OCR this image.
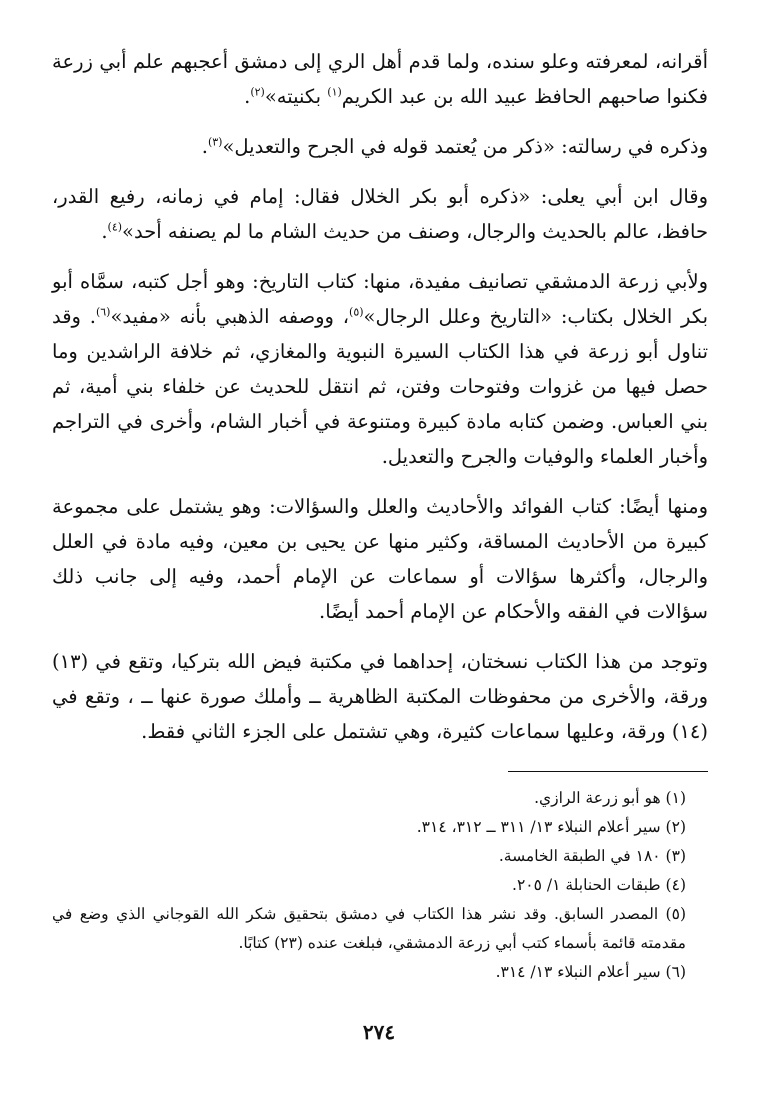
أقرانه، لمعرفته وعلو سنده، ولما قدم أهل الري إلى دمشق أعجبهم علم أبي زرعة فكنوا صاحبهم الحافظ عبيد الله بن عبد الكريم$^{(١)}$ بكنيته»$^{(٢)}$.

وذكره في رسالته: «ذكر من يُعتمد قوله في الجرح والتعديل»$^{(٣)}$.

وقال ابن أبي يعلى: «ذكره أبو بكر الخلال فقال: إمام في زمانه، رفيع القدر، حافظ، عالم بالحديث والرجال، وصنف من حديث الشام ما لم يصنفه أحد»$^{(٤)}$.

ولأبي زرعة الدمشقي تصانيف مفيدة، منها: كتاب التاريخ: وهو أجل كتبه، سمَّاه أبو بكر الخلال بكتاب: «التاريخ وعلل الرجال»$^{(٥)}$، ووصفه الذهبي بأنه «مفيد»$^{(٦)}$. وقد تناول أبو زرعة في هذا الكتاب السيرة النبوية والمغازي، ثم خلافة الراشدين وما حصل فيها من غزوات وفتوحات وفتن، ثم انتقل للحديث عن خلفاء بني أمية، ثم بني العباس. وضمن كتابه مادة كبيرة ومتنوعة في أخبار الشام، وأخرى في التراجم وأخبار العلماء والوفيات والجرح والتعديل.

ومنها أيضًا: كتاب الفوائد والأحاديث والعلل والسؤالات: وهو يشتمل على مجموعة كبيرة من الأحاديث المساقة، وكثير منها عن يحيى بن معين، وفيه مادة في العلل والرجال، وأكثرها سؤالات أو سماعات عن الإمام أحمد، وفيه إلى جانب ذلك سؤالات في الفقه والأحكام عن الإمام أحمد أيضًا.

وتوجد من هذا الكتاب نسختان، إحداهما في مكتبة فيض الله بتركيا، وتقع في (١٣) ورقة، والأخرى من محفوظات المكتبة الظاهرية ــ وأملك صورة عنها ــ ، وتقع في (١٤) ورقة، وعليها سماعات كثيرة، وهي تشتمل على الجزء الثاني فقط.

(١) هو أبو زرعة الرازي.

(٢) سير أعلام النبلاء ١٣/ ٣١١ ــ ٣١٢، ٣١٤.

(٣) ١٨٠ في الطبقة الخامسة.

(٤) طبقات الحنابلة ١/ ٢٠٥.

(٥) المصدر السابق. وقد نشر هذا الكتاب في دمشق بتحقيق شكر الله القوجاني الذي وضع في مقدمته قائمة بأسماء كتب أبي زرعة الدمشقي، فبلغت عنده (٢٣) كتابًا.

(٦) سير أعلام النبلاء ١٣/ ٣١٤.

٢٧٤
